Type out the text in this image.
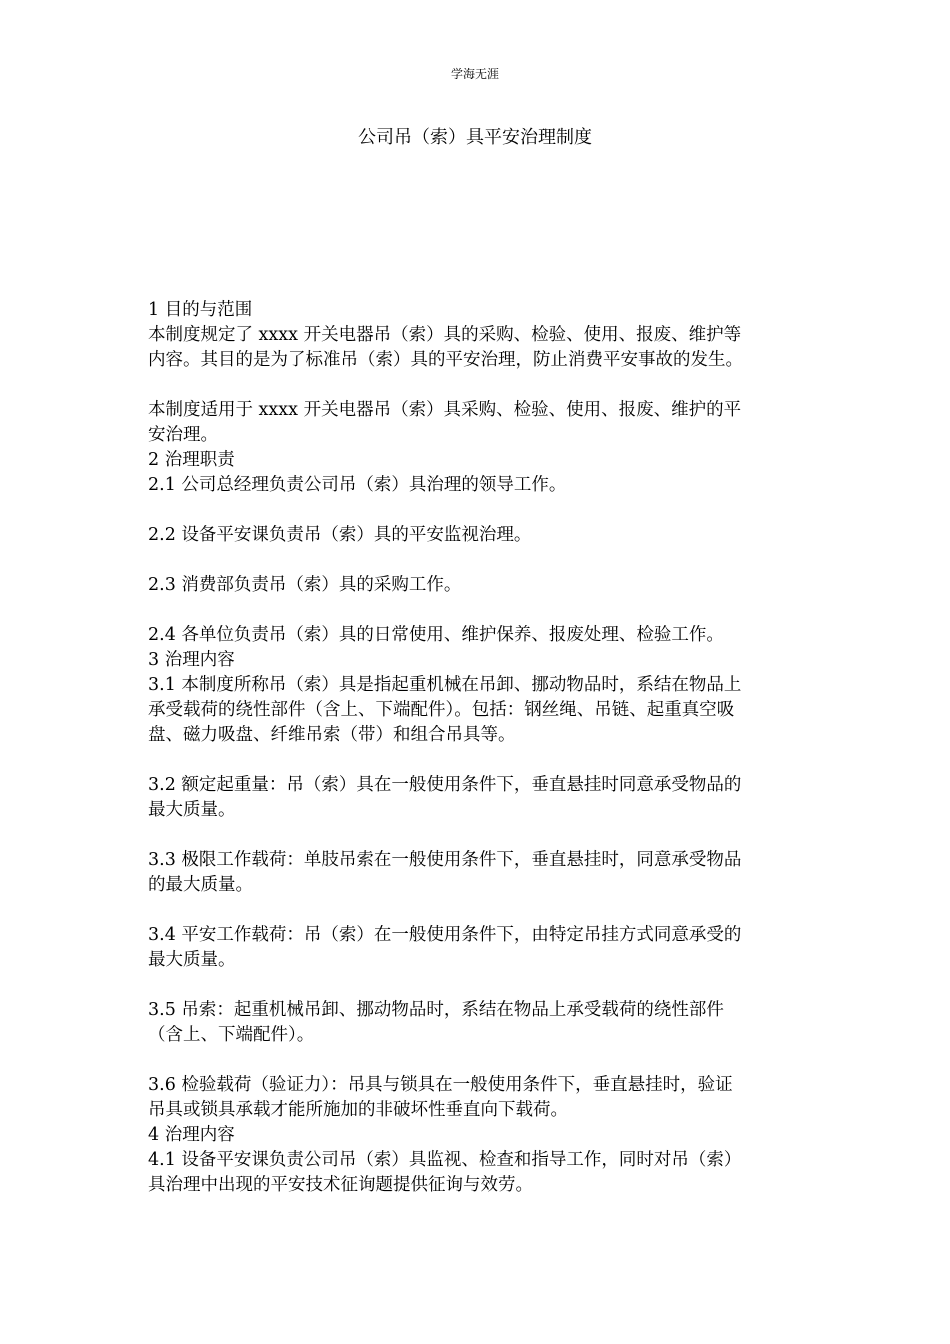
学海无涯
公司吊（索）具平安治理制度

1 目的与范围

本制度规定了 xxxx 开关电器吊（索）具的采购、检验、使用、报废、维护等

内容。其目的是为了标准吊（索）具的平安治理，防止消费平安事故的发生。

本制度适用于 xxxx 开关电器吊（索）具采购、检验、使用、报废、维护的平

安治理。

2 治理职责

2.1 公司总经理负责公司吊（索）具治理的领导工作。

2.2 设备平安课负责吊（索）具的平安监视治理。

2.3 消费部负责吊（索）具的采购工作。

2.4 各单位负责吊（索）具的日常使用、维护保养、报废处理、检验工作。

3 治理内容

3.1 本制度所称吊（索）具是指起重机械在吊卸、挪动物品时，系结在物品上

承受载荷的绕性部件（含上、下端配件）。包括：钢丝绳、吊链、起重真空吸

盘、磁力吸盘、纤维吊索（带）和组合吊具等。

3.2 额定起重量：吊（索）具在一般使用条件下，垂直悬挂时同意承受物品的

最大质量。

3.3 极限工作载荷：单肢吊索在一般使用条件下，垂直悬挂时，同意承受物品

的最大质量。

3.4 平安工作载荷：吊（索）在一般使用条件下，由特定吊挂方式同意承受的

最大质量。

3.5 吊索：起重机械吊卸、挪动物品时，系结在物品上承受载荷的绕性部件

（含上、下端配件）。

3.6 检验载荷（验证力）：吊具与锁具在一般使用条件下，垂直悬挂时，验证

吊具或锁具承载才能所施加的非破坏性垂直向下载荷。

4 治理内容

4.1 设备平安课负责公司吊（索）具监视、检查和指导工作，同时对吊（索）

具治理中出现的平安技术征询题提供征询与效劳。
